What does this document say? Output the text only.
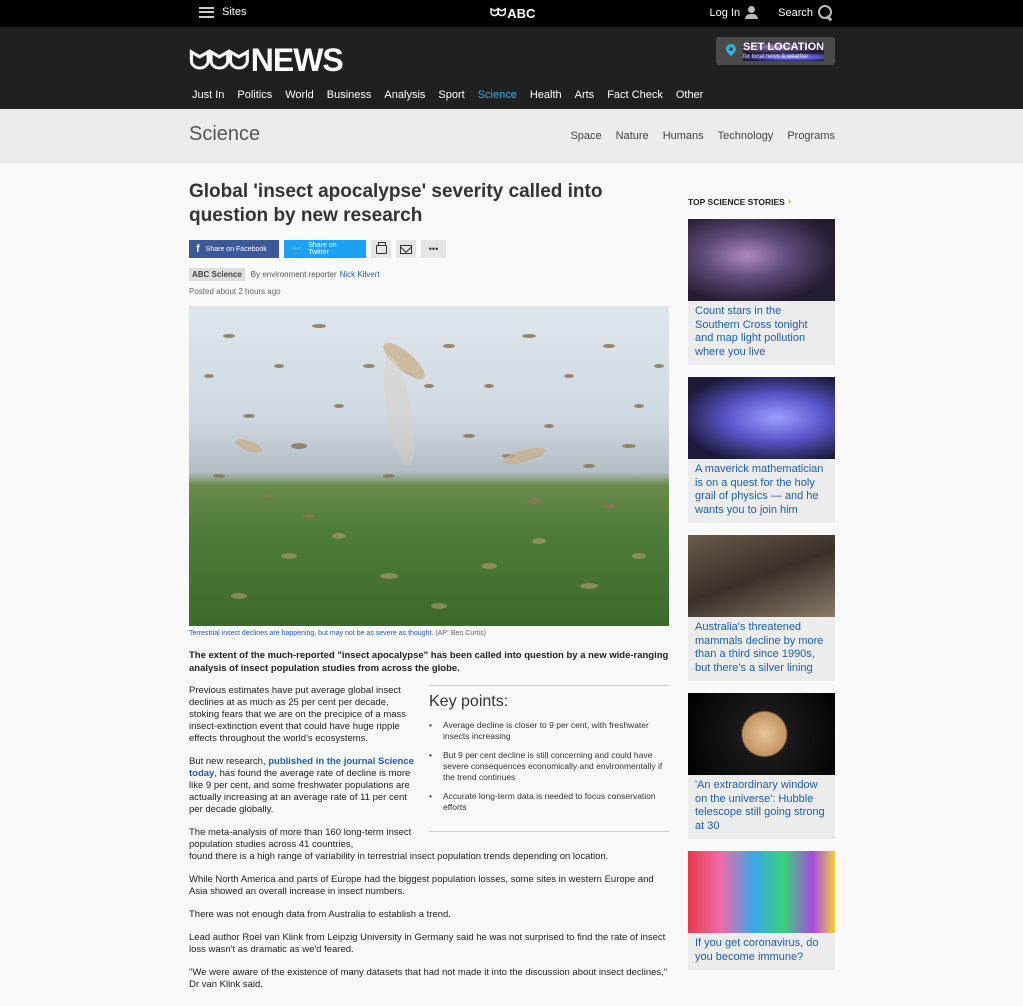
Sites	ᗢᗢ ABC	Log In	Search
ᗢᗢᗢ NEWS	SET LOCATION
for local news & weather
Just In Politics World Business Analysis Sport Science Health Arts Fact Check Other
Science	Space Nature Humans Technology Programs
Global 'insect apocalypse' severity called into question by new research
f Share on Facebook	🐦 Share on Twitter	•••
ABC Science	By environment reporter Nick Kilvert
Posted about 2 hours ago
Terrestrial insect declines are happening, but may not be as severe as thought. (AP: Ben Curtis)

The extent of the much-reported "insect apocalypse" has been called into question by a new wide-ranging analysis of insect population studies from across the globe.

Previous estimates have put average global insect declines at as much as 25 per cent per decade, stoking fears that we are on the precipice of a mass insect-extinction event that could have huge ripple effects throughout the world's ecosystems.

But new research, published in the journal Science today, has found the average rate of decline is more like 9 per cent, and some freshwater populations are actually increasing at an average rate of 11 per cent per decade globally.

The meta-analysis of more than 160 long-term insect population studies across 41 countries,
found there is a high range of variability in terrestrial insect population trends depending on location.

While North America and parts of Europe had the biggest population losses, some sites in western Europe and Asia showed an overall increase in insect numbers.

There was not enough data from Australia to establish a trend.

Lead author Roel van Klink from Leipzig University in Germany said he was not surprised to find the rate of insect loss wasn't as dramatic as we'd feared.

"We were aware of the existence of many datasets that had not made it into the discussion about insect declines," Dr van Klink said.

Key points:
• Average decline is closer to 9 per cent, with freshwater insects increasing
• But 9 per cent decline is still concerning and could have severe consequences economically and environmentally if the trend continues
• Accurate long-term data is needed to focus conservation efforts
TOP SCIENCE STORIES ›
Count stars in the Southern Cross tonight and map light pollution where you live
A maverick mathematician is on a quest for the holy grail of physics — and he wants you to join him
Australia's threatened mammals decline by more than a third since 1990s, but there's a silver lining
'An extraordinary window on the universe': Hubble telescope still going strong at 30
If you get coronavirus, do you become immune?
